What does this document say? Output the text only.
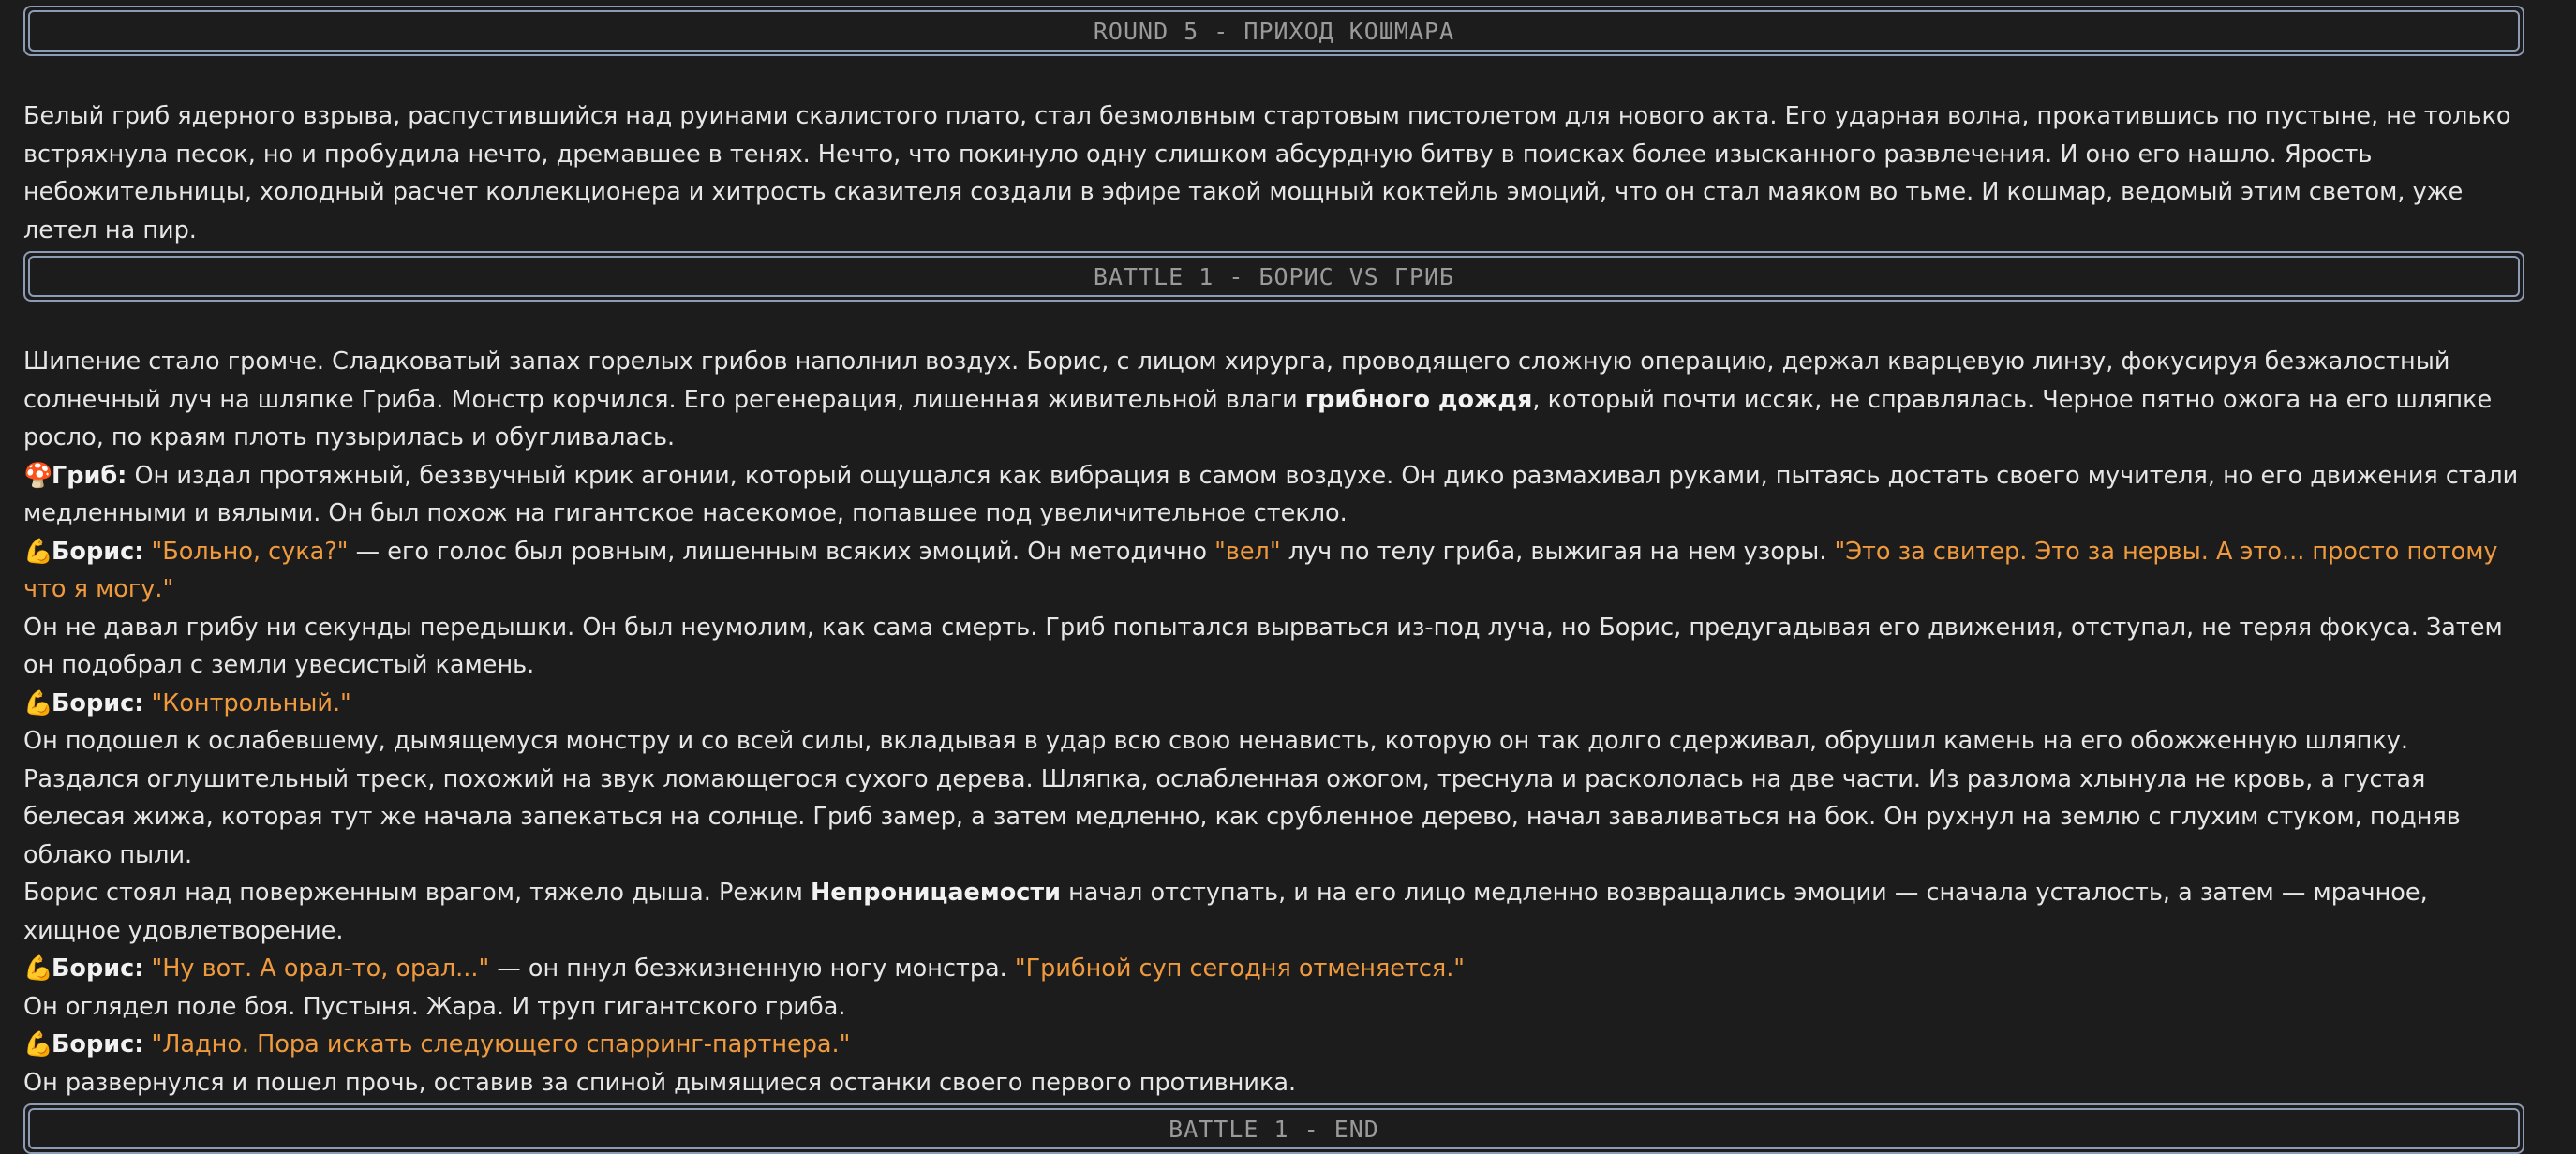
ROUND 5 - ПРИХОД КОШМАРА

Белый гриб ядерного взрыва, распустившийся над руинами скалистого плато, стал безмолвным стартовым пистолетом для нового акта. Его ударная волна, прокатившись по пустыне, не только встряхнула песок, но и пробудила нечто, дремавшее в тенях. Нечто, что покинуло одну слишком абсурдную битву в поисках более изысканного развлечения. И оно его нашло. Ярость небожительницы, холодный расчет коллекционера и хитрость сказителя создали в эфире такой мощный коктейль эмоций, что он стал маяком во тьме. И кошмар, ведомый этим светом, уже летел на пир.

BATTLE 1 - БОРИС VS ГРИБ

Шипение стало громче. Сладковатый запах горелых грибов наполнил воздух. Борис, с лицом хирурга, проводящего сложную операцию, держал кварцевую линзу, фокусируя безжалостный солнечный луч на шляпке Гриба. Монстр корчился. Его регенерация, лишенная живительной влаги грибного дождя, который почти иссяк, не справлялась. Черное пятно ожога на его шляпке росло, по краям плоть пузырилась и обугливалась.

🍄Гриб: Он издал протяжный, беззвучный крик агонии, который ощущался как вибрация в самом воздухе. Он дико размахивал руками, пытаясь достать своего мучителя, но его движения стали медленными и вялыми. Он был похож на гигантское насекомое, попавшее под увеличительное стекло.

💪Борис: "Больно, сука?" — его голос был ровным, лишенным всяких эмоций. Он методично "вел" луч по телу гриба, выжигая на нем узоры. "Это за свитер. Это за нервы. А это... просто потому что я могу."

Он не давал грибу ни секунды передышки. Он был неумолим, как сама смерть. Гриб попытался вырваться из-под луча, но Борис, предугадывая его движения, отступал, не теряя фокуса. Затем он подобрал с земли увесистый камень.

💪Борис: "Контрольный."

Он подошел к ослабевшему, дымящемуся монстру и со всей силы, вкладывая в удар всю свою ненависть, которую он так долго сдерживал, обрушил камень на его обожженную шляпку.

Раздался оглушительный треск, похожий на звук ломающегося сухого дерева. Шляпка, ослабленная ожогом, треснула и раскололась на две части. Из разлома хлынула не кровь, а густая белесая жижа, которая тут же начала запекаться на солнце. Гриб замер, а затем медленно, как срубленное дерево, начал заваливаться на бок. Он рухнул на землю с глухим стуком, подняв облако пыли.

Борис стоял над поверженным врагом, тяжело дыша. Режим Непроницаемости начал отступать, и на его лицо медленно возвращались эмоции — сначала усталость, а затем — мрачное, хищное удовлетворение.

💪Борис: "Ну вот. А орал-то, орал..." — он пнул безжизненную ногу монстра. "Грибной суп сегодня отменяется."

Он оглядел поле боя. Пустыня. Жара. И труп гигантского гриба.

💪Борис: "Ладно. Пора искать следующего спарринг-партнера."

Он развернулся и пошел прочь, оставив за спиной дымящиеся останки своего первого противника.

BATTLE 1 - END
